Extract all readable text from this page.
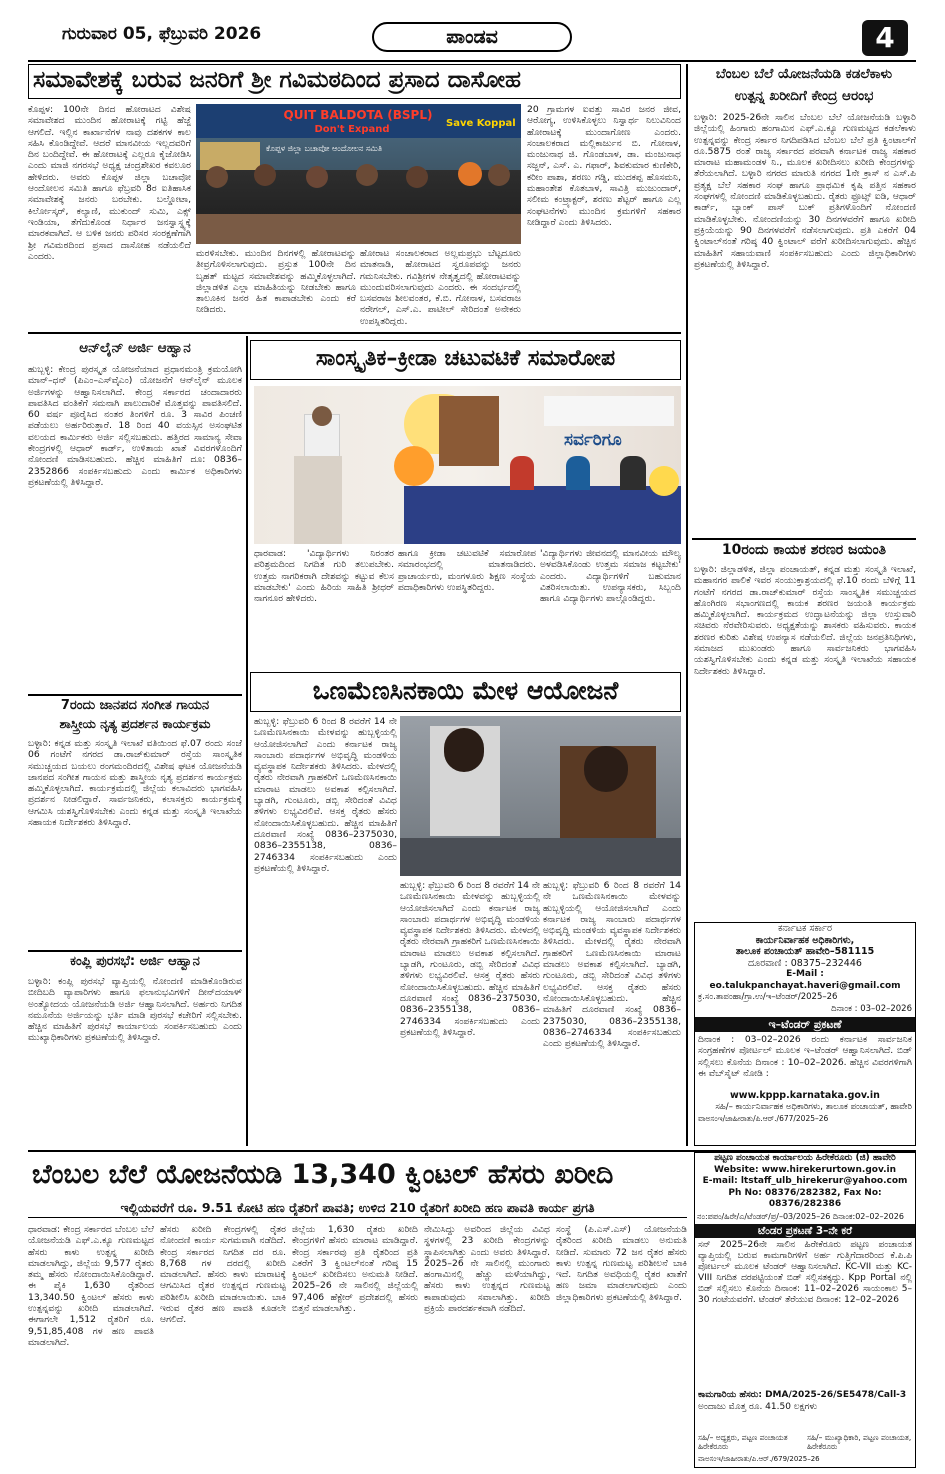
ಗುರುವಾರ 05, ಫೆಬ್ರುವರಿ 2026	ಪಾಂಡವ	4
ಸಮಾವೇಶಕ್ಕೆ ಬರುವ ಜನರಿಗೆ ಶ್ರೀ ಗವಿಮಠದಿಂದ ಪ್ರಸಾದ ದಾಸೋಹ
ಕೊಪ್ಪಳ: 100ನೇ ದಿನದ ಹೋರಾಟದ ವಿಶೇಷ ಸಮಾವೇಶದ ಮುಂದಿನ ಹೋರಾಟಕ್ಕೆ ಗಟ್ಟಿ ಹೆಜ್ಜೆ ಆಗಲಿದೆ. ಇಲ್ಲಿನ ಕಾರ್ಖಾನೆಗಳ ನಾವು ದಶಕಗಳ ಕಾಲ ಸಹಿಸಿ ಕೊಂಡಿದ್ದೇವೆ. ಆದರೆ ಮಾನವೀಯ ಇಲ್ಲದವರಿಗೆ ದಿನ ಬಂದಿದ್ದೇವೆ. ಈ ಹೋರಾಟಕ್ಕೆ ಎಲ್ಲರೂ ಕೈಜೋಡಿಸಿ ಎಂದು ಮಾಜಿ ನಗರಸಭೆ ಅಧ್ಯಕ್ಷ ಚಂದ್ರಶೇಖರ ಕವಲೂರ ಹೇಳಿದರು. ಅವರು ಕೊಪ್ಪಳ ಜಿಲ್ಲಾ ಬಚಾವೋ ಆಂದೋಲನ ಸಮಿತಿ ಹಾಗೂ ಫೆಬ್ರವರಿ 8ರ ಐತಿಹಾಸಿಕ ಸಮಾವೇಶಕ್ಕೆ ಜನರು ಬರಬೇಕು. ಬಲ್ಡೋಟಾ, ಕಿರ್ಲೋಸ್ಕರ್, ಕಲ್ಯಾಣಿ, ಮುಕುಂದ್ ಸುಮಿ, ಎಕ್ಸ್ ಇಂಡಿಯಾ, ತೆಗೆದುಕೊಂಡ ನಿರ್ಧಾರ ಜನಸ್ವಾಸ್ಥ್ಯಕ್ಕೆ ಮಾರಕವಾಗಿದೆ. ಆ ಬಳಿಕ ಜನರು ಪರಿಸರ ಸಂರಕ್ಷಣೆಗಾಗಿ ಶ್ರೀ ಗವಿಮಠದಿಂದ ಪ್ರಸಾದ ದಾಸೋಹ ನಡೆಯಲಿದೆ ಎಂದರು.
QUIT BALDOTA (BSPL)
Don't Expand
Save Koppal
ಕೊಪ್ಪಳ ಜಿಲ್ಲಾ ಬಚಾವೋ ಆಂದೋಲನ ಸಮಿತಿ
ಮರಳಿಸಬೇಕು. ಮುಂದಿನ ದಿನಗಳಲ್ಲಿ ಹೋರಾಟವನ್ನು ತೀವ್ರಗೊಳಿಸಲಾಗುವುದು. ಪ್ರಸ್ತುತ 100ನೇ ದಿನ ಬೃಹತ್ ಮಟ್ಟದ ಸಮಾವೇಶವನ್ನು ಹಮ್ಮಿಕೊಳ್ಳಲಾಗಿದೆ. ಜಿಲ್ಲಾಡಳಿತ ಎಲ್ಲಾ ಮಾಹಿತಿಯನ್ನು ನೀಡಬೇಕು ಹಾಗೂ ತಾಲೂಕಿನ ಜನರ ಹಿತ ಕಾಪಾಡಬೇಕು ಎಂದು ಕರೆ ನೀಡಿದರು.
ಹೋರಾಟ ಸಂಚಾಲಕರಾದ ಅಲ್ಲಮಪ್ರಭು ಬೆಟ್ಟದೂರು ಮಾತನಾಡಿ, ಹೋರಾಟದ ಸ್ವರೂಪವನ್ನು ಜನರು ಗಮನಿಸಬೇಕು. ಗವಿಶ್ರೀಗಳ ನೇತೃತ್ವದಲ್ಲಿ ಹೋರಾಟವನ್ನು ಮುಂದುವರಿಸಲಾಗುವುದು ಎಂದರು. ಈ ಸಂದರ್ಭದಲ್ಲಿ ಬಸವರಾಜ ಶೀಲವಂತರ, ಕೆ.ಬಿ. ಗೋನಾಳ, ಬಸವರಾಜ ನರೇಗಲ್, ಎಸ್.ಎ. ಪಾಟೀಲ್ ಸೇರಿದಂತೆ ಅನೇಕರು ಉಪಸ್ಥಿತರಿದ್ದರು.
20 ಗ್ರಾಮಗಳ ಐವತ್ತು ಸಾವಿರ ಜನರ ಜೀವ, ಆರೋಗ್ಯ, ಉಳಿಸಿಕೊಳ್ಳಲು ನಿಸ್ವಾರ್ಥ ನಿಲುವಿನಿಂದ ಹೋರಾಟಕ್ಕೆ ಮುಂದಾಗೋಣ ಎಂದರು. ಸಂಚಾಲಕರಾದ ಮಲ್ಲಿಕಾರ್ಜುನ ಬಿ. ಗೋನಾಳ, ಮಂಜುನಾಥ ಜಿ. ಗೊಂಡಬಾಳ, ಡಾ. ಮಂಜುನಾಥ ಸಜ್ಜನ್, ಎಸ್. ಎ. ಗಫಾರ್, ಶಿವಕುಮಾರ ಕುಣಿಕೇರಿ, ಕರೀಂ ಪಾಶಾ, ಶರಣು ಗಡ್ಡಿ, ಮುದಕಪ್ಪ ಹೊಸಮನಿ, ಮಹಾಂತೇಶ ಕೊತಬಾಳ, ಸಾವಿತ್ರಿ ಮುಜುಂದಾರ್, ಸಲೀಮ ಕಂಟ್ರ್ಯಾಕ್ಟರ್, ಶರಣು ಶೆಟ್ಟರ್ ಹಾಗೂ ಎಲ್ಲ ಸಂಘಟನೆಗಳು ಮುಂದಿನ ಕ್ರಮಗಳಿಗೆ ಸಹಕಾರ ನೀಡಿದ್ದಾರೆ ಎಂದು ತಿಳಿಸಿದರು.
ಬೆಂಬಲ ಬೆಲೆ ಯೋಜನೆಯಡಿ ಕಡಲೆಕಾಳು
ಉತ್ಪನ್ನ ಖರೀದಿಗೆ ಕೇಂದ್ರ ಆರಂಭ
ಬಳ್ಳಾರಿ: 2025-26ನೇ ಸಾಲಿನ ಬೆಂಬಲ ಬೆಲೆ ಯೋಜನೆಯಡಿ ಬಳ್ಳಾರಿ ಜಿಲ್ಲೆಯಲ್ಲಿ ಹಿಂಗಾರು ಹಂಗಾಮಿನ ಎಫ್.ಎ.ಕ್ಯೂ ಗುಣಮಟ್ಟದ ಕಡಲೆಕಾಳು ಉತ್ಪನ್ನವನ್ನು ಕೇಂದ್ರ ಸರ್ಕಾರ ನಿಗದಿಪಡಿಸಿದ ಬೆಂಬಲ ಬೆಲೆ ಪ್ರತಿ ಕ್ವಿಂಟಾಲ್‌ಗೆ ರೂ.5875 ರಂತೆ ರಾಜ್ಯ ಸರ್ಕಾರದ ಪರವಾಗಿ ಕರ್ನಾಟಕ ರಾಜ್ಯ ಸಹಕಾರ ಮಾರಾಟ ಮಹಾಮಂಡಳ ನಿ., ಮೂಲಕ ಖರೀದಿಸಲು ಖರೀದಿ ಕೇಂದ್ರಗಳನ್ನು ತೆರೆಯಲಾಗಿದೆ. ಬಳ್ಳಾರಿ ನಗರದ ಮಾರುತಿ ನಗರದ 1ನೇ ಕ್ರಾಸ್ ನ ಎಸ್.ಪಿ ಪ್ರತ್ಯಕ್ಷ ಬೆಲೆ ಸಹಕಾರ ಸಂಘ ಹಾಗೂ ಪ್ರಾಥಮಿಕ ಕೃಷಿ ಪತ್ತಿನ ಸಹಕಾರ ಸಂಘಗಳಲ್ಲಿ ನೋಂದಣಿ ಮಾಡಿಕೊಳ್ಳಬಹುದು. ರೈತರು ಫ್ರೂಟ್ಸ್ ಐಡಿ, ಆಧಾರ್ ಕಾರ್ಡ್, ಬ್ಯಾಂಕ್ ಪಾಸ್ ಬುಕ್ ಪ್ರತಿಗಳೊಂದಿಗೆ ನೋಂದಣಿ ಮಾಡಿಕೊಳ್ಳಬೇಕು. ನೋಂದಣಿಯನ್ನು 30 ದಿನಗಳವರೆಗೆ ಹಾಗೂ ಖರೀದಿ ಪ್ರಕ್ರಿಯೆಯನ್ನು 90 ದಿನಗಳವರೆಗೆ ನಡೆಸಲಾಗುವುದು. ಪ್ರತಿ ಎಕರೆಗೆ 04 ಕ್ವಿಂಟಾಲ್‌ನಂತೆ ಗರಿಷ್ಠ 40 ಕ್ವಿಂಟಾಲ್ ವರೆಗೆ ಖರೀದಿಸಲಾಗುವುದು. ಹೆಚ್ಚಿನ ಮಾಹಿತಿಗೆ ಸಹಾಯವಾಣಿ ಸಂಪರ್ಕಿಸಬಹುದು ಎಂದು ಜಿಲ್ಲಾಧಿಕಾರಿಗಳು ಪ್ರಕಟಣೆಯಲ್ಲಿ ತಿಳಿಸಿದ್ದಾರೆ.
10ರಂದು ಕಾಯಕ ಶರಣರ ಜಯಂತಿ
ಬಳ್ಳಾರಿ: ಜಿಲ್ಲಾಡಳಿತ, ಜಿಲ್ಲಾ ಪಂಚಾಯತ್, ಕನ್ನಡ ಮತ್ತು ಸಂಸ್ಕೃತಿ ಇಲಾಖೆ, ಮಹಾನಗರ ಪಾಲಿಕೆ ಇವರ ಸಂಯುಕ್ತಾಶ್ರಯದಲ್ಲಿ ಫೆ.10 ರಂದು ಬೆಳಿಗ್ಗೆ 11 ಗಂಟೆಗೆ ನಗರದ ಡಾ.ರಾಜ್‌ಕುಮಾರ್ ರಸ್ತೆಯ ಸಾಂಸ್ಕೃತಿಕ ಸಮುಚ್ಚಯದ ಹೊಂಗಿರಣ ಸಭಾಂಗಣದಲ್ಲಿ ಕಾಯಕ ಶರಣರ ಜಯಂತಿ ಕಾರ್ಯಕ್ರಮ ಹಮ್ಮಿಕೊಳ್ಳಲಾಗಿದೆ. ಕಾರ್ಯಕ್ರಮದ ಉದ್ಘಾಟನೆಯನ್ನು ಜಿಲ್ಲಾ ಉಸ್ತುವಾರಿ ಸಚಿವರು ನೆರವೇರಿಸುವರು. ಅಧ್ಯಕ್ಷತೆಯನ್ನು ಶಾಸಕರು ವಹಿಸುವರು. ಕಾಯಕ ಶರಣರ ಕುರಿತು ವಿಶೇಷ ಉಪನ್ಯಾಸ ನಡೆಯಲಿದೆ. ಜಿಲ್ಲೆಯ ಜನಪ್ರತಿನಿಧಿಗಳು, ಸಮಾಜದ ಮುಖಂಡರು ಹಾಗೂ ಸಾರ್ವಜನಿಕರು ಭಾಗವಹಿಸಿ ಯಶಸ್ವಿಗೊಳಿಸಬೇಕು ಎಂದು ಕನ್ನಡ ಮತ್ತು ಸಂಸ್ಕೃತಿ ಇಲಾಖೆಯ ಸಹಾಯಕ ನಿರ್ದೇಶಕರು ತಿಳಿಸಿದ್ದಾರೆ.
ಕರ್ನಾಟಕ ಸರ್ಕಾರ
ಕಾರ್ಯನಿರ್ವಾಹಕ ಅಧಿಕಾರಿಗಳು,
ತಾಲೂಕ ಪಂಚಾಯತ್ ಹಾವೇರಿ–581115
ದೂರವಾಣಿ : 08375–232446
E-Mail : eo.talukpanchayat.haveri@gmail.com
ಕ್ರ.ಸಂ.ತಾಪಂಹಾ/ಗ್ರಾ.ಉ/ಇ–ಟೆಂಡರ್/2025–26
ದಿನಾಂಕ : 03–02–2026
ಇ–ಟೆಂಡರ್ ಪ್ರಕಟಣೆ
ದಿನಾಂಕ : 03–02–2026 ರಂದು ಕರ್ನಾಟಕ ಸಾರ್ವಜನಿಕ ಸಂಗ್ರಹಣೆಗಳ ಪೋರ್ಟಲ್ ಮೂಲಕ ಇ–ಟೆಂಡರ್ ಆಹ್ವಾನಿಸಲಾಗಿದೆ. ಬಿಡ್ ಸಲ್ಲಿಸಲು ಕೊನೆಯ ದಿನಾಂಕ : 10–02–2026. ಹೆಚ್ಚಿನ ವಿವರಗಳಿಗಾಗಿ ಈ ವೆಬ್‌ಸೈಟ್ ನೋಡಿ :
www.kppp.karnataka.gov.in
ಸಹಿ/– ಕಾರ್ಯನಿರ್ವಾಹಕ ಅಧಿಕಾರಿಗಳು, ತಾಲೂಕ ಪಂಚಾಯತ್, ಹಾವೇರಿ
ವಾಅಸಂಇ/ಜಾಹೀರಾತು/ಪಿ.ಆರ್./677/2025–26
ಆನ್‌ಲೈನ್ ಅರ್ಜಿ ಆಹ್ವಾನ
ಹುಬ್ಬಳ್ಳಿ: ಕೇಂದ್ರ ಪುರಸ್ಕೃತ ಯೋಜನೆಯಾದ ಪ್ರಧಾನಮಂತ್ರಿ ಕ್ರಮಯೋಗಿ ಮಾನ್‌–ಧನ್ (ಪಿಎಂ–ಎಸ್‌ವೈಎಂ) ಯೋಜನೆಗೆ ಆನ್‌ಲೈನ್ ಮೂಲಕ ಅರ್ಜಿಗಳನ್ನು ಆಹ್ವಾನಿಸಲಾಗಿದೆ. ಕೇಂದ್ರ ಸರ್ಕಾರದ ಚಂದಾದಾರರು ಪಾವತಿಸಿದ ವಂತಿಕೆಗೆ ಸಮನಾಗಿ ಪಾಲುದಾರಿಕೆ ಮೊತ್ತವನ್ನು ಪಾವತಿಸಲಿದೆ. 60 ವರ್ಷ ಪೂರೈಸಿದ ನಂತರ ತಿಂಗಳಿಗೆ ರೂ. 3 ಸಾವಿರ ಪಿಂಚಣಿ ಪಡೆಯಲು ಅರ್ಹರಿರುತ್ತಾರೆ. 18 ರಿಂದ 40 ವಯಸ್ಸಿನ ಅಸಂಘಟಿತ ವಲಯದ ಕಾರ್ಮಿಕರು ಅರ್ಜಿ ಸಲ್ಲಿಸಬಹುದು. ಹತ್ತಿರದ ಸಾಮಾನ್ಯ ಸೇವಾ ಕೇಂದ್ರಗಳಲ್ಲಿ ಆಧಾರ್ ಕಾರ್ಡ್, ಉಳಿತಾಯ ಖಾತೆ ವಿವರಗಳೊಂದಿಗೆ ನೋಂದಣಿ ಮಾಡಿಸಬಹುದು. ಹೆಚ್ಚಿನ ಮಾಹಿತಿಗೆ ದೂ: 0836–2352866 ಸಂಪರ್ಕಿಸಬಹುದು ಎಂದು ಕಾರ್ಮಿಕ ಅಧಿಕಾರಿಗಳು ಪ್ರಕಟಣೆಯಲ್ಲಿ ತಿಳಿಸಿದ್ದಾರೆ.
7ರಂದು ಜಾನಪದ ಸಂಗೀತ ಗಾಯನ
ಶಾಸ್ತ್ರೀಯ ನೃತ್ಯ ಪ್ರದರ್ಶನ ಕಾರ್ಯಕ್ರಮ
ಬಳ್ಳಾರಿ: ಕನ್ನಡ ಮತ್ತು ಸಂಸ್ಕೃತಿ ಇಲಾಖೆ ವತಿಯಿಂದ ಫೆ.07 ರಂದು ಸಂಜೆ 06 ಗಂಟೆಗೆ ನಗರದ ಡಾ.ರಾಜ್‌ಕುಮಾರ್ ರಸ್ತೆಯ ಸಾಂಸ್ಕೃತಿಕ ಸಮುಚ್ಚಯದ ಬಯಲು ರಂಗಮಂದಿರದಲ್ಲಿ ವಿಶೇಷ ಘಟಕ ಯೋಜನೆಯಡಿ ಜಾನಪದ ಸಂಗೀತ ಗಾಯನ ಮತ್ತು ಶಾಸ್ತ್ರೀಯ ನೃತ್ಯ ಪ್ರದರ್ಶನ ಕಾರ್ಯಕ್ರಮ ಹಮ್ಮಿಕೊಳ್ಳಲಾಗಿದೆ. ಕಾರ್ಯಕ್ರಮದಲ್ಲಿ ಜಿಲ್ಲೆಯ ಕಲಾವಿದರು ಭಾಗವಹಿಸಿ ಪ್ರದರ್ಶನ ನೀಡಲಿದ್ದಾರೆ. ಸಾರ್ವಜನಿಕರು, ಕಲಾಸಕ್ತರು ಕಾರ್ಯಕ್ರಮಕ್ಕೆ ಆಗಮಿಸಿ ಯಶಸ್ವಿಗೊಳಿಸಬೇಕು ಎಂದು ಕನ್ನಡ ಮತ್ತು ಸಂಸ್ಕೃತಿ ಇಲಾಖೆಯ ಸಹಾಯಕ ನಿರ್ದೇಶಕರು ತಿಳಿಸಿದ್ದಾರೆ.
ಕಂಪ್ಲಿ ಪುರಸಭೆ: ಅರ್ಜಿ ಆಹ್ವಾನ
ಬಳ್ಳಾರಿ: ಕಂಪ್ಲಿ ಪುರಸಭೆ ವ್ಯಾಪ್ತಿಯಲ್ಲಿ ನೋಂದಣಿ ಮಾಡಿಕೊಂಡಿರುವ ಬೀದಿಬದಿ ವ್ಯಾಪಾರಿಗಳು ಹಾಗೂ ಫಲಾನುಭವಿಗಳಿಗೆ ದೀನ್‌ದಯಾಳ್ ಅಂತ್ಯೋದಯ ಯೋಜನೆಯಡಿ ಅರ್ಜಿ ಆಹ್ವಾನಿಸಲಾಗಿದೆ. ಅರ್ಹರು ನಿಗದಿತ ನಮೂನೆಯ ಅರ್ಜಿಯನ್ನು ಭರ್ತಿ ಮಾಡಿ ಪುರಸಭೆ ಕಚೇರಿಗೆ ಸಲ್ಲಿಸಬೇಕು. ಹೆಚ್ಚಿನ ಮಾಹಿತಿಗೆ ಪುರಸಭೆ ಕಾರ್ಯಾಲಯ ಸಂಪರ್ಕಿಸಬಹುದು ಎಂದು ಮುಖ್ಯಾಧಿಕಾರಿಗಳು ಪ್ರಕಟಣೆಯಲ್ಲಿ ತಿಳಿಸಿದ್ದಾರೆ.
ಸಾಂಸ್ಕೃತಿಕ–ಕ್ರೀಡಾ ಚಟುವಟಿಕೆ ಸಮಾರೋಪ
ಸರ್ವರಿಗೂ
ಧಾರವಾಡ: 'ವಿದ್ಯಾರ್ಥಿಗಳು ನಿರಂತರ ಪರಿಶ್ರಮದಿಂದ ನಿಗದಿತ ಗುರಿ ತಲುಪಬೇಕು. ಉತ್ತಮ ನಾಗರಿಕರಾಗಿ ದೇಶವನ್ನು ಕಟ್ಟುವ ಕೆಲಸ ಮಾಡಬೇಕು' ಎಂದು ಹಿರಿಯ ಸಾಹಿತಿ ಶ್ರೀಧರ್ ನಾಗನೂರ ಹೇಳಿದರು.
ಹಾಗೂ ಕ್ರೀಡಾ ಚಟುವಟಿಕೆ ಸಮಾರೋಪ ಸಮಾರಂಭದಲ್ಲಿ ಮಾತನಾಡಿದರು. ಪ್ರಾಚಾರ್ಯರು, ಮಂಗಳೂರು ಶಿಕ್ಷಣ ಸಂಸ್ಥೆಯ ಪದಾಧಿಕಾರಿಗಳು ಉಪಸ್ಥಿತರಿದ್ದರು.
'ವಿದ್ಯಾರ್ಥಿಗಳು ಜೀವನದಲ್ಲಿ ಮಾನವೀಯ ಮೌಲ್ಯ ಅಳವಡಿಸಿಕೊಂಡು ಉತ್ತಮ ಸಮಾಜ ಕಟ್ಟಬೇಕು' ಎಂದರು. ವಿದ್ಯಾರ್ಥಿಗಳಿಗೆ ಬಹುಮಾನ ವಿತರಿಸಲಾಯಿತು. ಉಪನ್ಯಾಸಕರು, ಸಿಬ್ಬಂದಿ ಹಾಗೂ ವಿದ್ಯಾರ್ಥಿಗಳು ಪಾಲ್ಗೊಂಡಿದ್ದರು.
ಒಣಮೆಣಸಿನಕಾಯಿ ಮೇಳ ಆಯೋಜನೆ
ಹುಬ್ಬಳ್ಳಿ: ಫೆಬ್ರುವರಿ 6 ರಿಂದ 8 ರವರೆಗೆ 14 ನೇ ಒಣಮೆಣಸಿನಕಾಯಿ ಮೇಳವನ್ನು ಹುಬ್ಬಳ್ಳಿಯಲ್ಲಿ ಆಯೋಜಿಸಲಾಗಿದೆ ಎಂದು ಕರ್ನಾಟಕ ರಾಜ್ಯ ಸಾಂಬಾರು ಪದಾರ್ಥಗಳ ಅಭಿವೃದ್ಧಿ ಮಂಡಳಿಯ ವ್ಯವಸ್ಥಾಪಕ ನಿರ್ದೇಶಕರು ತಿಳಿಸಿದರು. ಮೇಳದಲ್ಲಿ ರೈತರು ನೇರವಾಗಿ ಗ್ರಾಹಕರಿಗೆ ಒಣಮೆಣಸಿನಕಾಯಿ ಮಾರಾಟ ಮಾಡಲು ಅವಕಾಶ ಕಲ್ಪಿಸಲಾಗಿದೆ. ಬ್ಯಾಡಗಿ, ಗುಂಟೂರು, ಡಬ್ಬಿ ಸೇರಿದಂತೆ ವಿವಿಧ ತಳಿಗಳು ಲಭ್ಯವಿರಲಿವೆ. ಆಸಕ್ತ ರೈತರು ಹೆಸರು ನೋಂದಾಯಿಸಿಕೊಳ್ಳಬಹುದು. ಹೆಚ್ಚಿನ ಮಾಹಿತಿಗೆ ದೂರವಾಣಿ ಸಂಖ್ಯೆ 0836–2375030, 0836–2355138, 0836–2746334 ಸಂಪರ್ಕಿಸಬಹುದು ಎಂದು ಪ್ರಕಟಣೆಯಲ್ಲಿ ತಿಳಿಸಿದ್ದಾರೆ.
ಹುಬ್ಬಳ್ಳಿ: ಫೆಬ್ರುವರಿ 6 ರಿಂದ 8 ರವರೆಗೆ 14 ನೇ ಒಣಮೆಣಸಿನಕಾಯಿ ಮೇಳವನ್ನು ಹುಬ್ಬಳ್ಳಿಯಲ್ಲಿ ಆಯೋಜಿಸಲಾಗಿದೆ ಎಂದು ಕರ್ನಾಟಕ ರಾಜ್ಯ ಸಾಂಬಾರು ಪದಾರ್ಥಗಳ ಅಭಿವೃದ್ಧಿ ಮಂಡಳಿಯ ವ್ಯವಸ್ಥಾಪಕ ನಿರ್ದೇಶಕರು ತಿಳಿಸಿದರು. ಮೇಳದಲ್ಲಿ ರೈತರು ನೇರವಾಗಿ ಗ್ರಾಹಕರಿಗೆ ಒಣಮೆಣಸಿನಕಾಯಿ ಮಾರಾಟ ಮಾಡಲು ಅವಕಾಶ ಕಲ್ಪಿಸಲಾಗಿದೆ. ಬ್ಯಾಡಗಿ, ಗುಂಟೂರು, ಡಬ್ಬಿ ಸೇರಿದಂತೆ ವಿವಿಧ ತಳಿಗಳು ಲಭ್ಯವಿರಲಿವೆ. ಆಸಕ್ತ ರೈತರು ಹೆಸರು ನೋಂದಾಯಿಸಿಕೊಳ್ಳಬಹುದು. ಹೆಚ್ಚಿನ ಮಾಹಿತಿಗೆ ದೂರವಾಣಿ ಸಂಖ್ಯೆ 0836–2375030, 0836–2355138, 0836–2746334 ಸಂಪರ್ಕಿಸಬಹುದು ಎಂದು ಪ್ರಕಟಣೆಯಲ್ಲಿ ತಿಳಿಸಿದ್ದಾರೆ.
ಹುಬ್ಬಳ್ಳಿ: ಫೆಬ್ರುವರಿ 6 ರಿಂದ 8 ರವರೆಗೆ 14 ನೇ ಒಣಮೆಣಸಿನಕಾಯಿ ಮೇಳವನ್ನು ಹುಬ್ಬಳ್ಳಿಯಲ್ಲಿ ಆಯೋಜಿಸಲಾಗಿದೆ ಎಂದು ಕರ್ನಾಟಕ ರಾಜ್ಯ ಸಾಂಬಾರು ಪದಾರ್ಥಗಳ ಅಭಿವೃದ್ಧಿ ಮಂಡಳಿಯ ವ್ಯವಸ್ಥಾಪಕ ನಿರ್ದೇಶಕರು ತಿಳಿಸಿದರು. ಮೇಳದಲ್ಲಿ ರೈತರು ನೇರವಾಗಿ ಗ್ರಾಹಕರಿಗೆ ಒಣಮೆಣಸಿನಕಾಯಿ ಮಾರಾಟ ಮಾಡಲು ಅವಕಾಶ ಕಲ್ಪಿಸಲಾಗಿದೆ. ಬ್ಯಾಡಗಿ, ಗುಂಟೂರು, ಡಬ್ಬಿ ಸೇರಿದಂತೆ ವಿವಿಧ ತಳಿಗಳು ಲಭ್ಯವಿರಲಿವೆ. ಆಸಕ್ತ ರೈತರು ಹೆಸರು ನೋಂದಾಯಿಸಿಕೊಳ್ಳಬಹುದು. ಹೆಚ್ಚಿನ ಮಾಹಿತಿಗೆ ದೂರವಾಣಿ ಸಂಖ್ಯೆ 0836–2375030, 0836–2355138, 0836–2746334 ಸಂಪರ್ಕಿಸಬಹುದು ಎಂದು ಪ್ರಕಟಣೆಯಲ್ಲಿ ತಿಳಿಸಿದ್ದಾರೆ.
ಬೆಂಬಲ ಬೆಲೆ ಯೋಜನೆಯಡಿ 13,340 ಕ್ವಿಂಟಲ್ ಹೆಸರು ಖರೀದಿ
ಇಲ್ಲಿಯವರೆಗೆ ರೂ. 9.51 ಕೋಟಿ ಹಣ ರೈತರಿಗೆ ಪಾವತಿ; ಉಳಿದ 210 ರೈತರಿಗೆ ಖರೀದಿ ಹಣ ಪಾವತಿ ಕಾರ್ಯ ಪ್ರಗತಿ
ಧಾರವಾಡ: ಕೇಂದ್ರ ಸರ್ಕಾರದ ಬೆಂಬಲ ಬೆಲೆ ಯೋಜನೆಯಡಿ ಎಫ್.ಎ.ಕ್ಯೂ ಗುಣಮಟ್ಟದ ಹೆಸರು ಕಾಳು ಉತ್ಪನ್ನ ಖರೀದಿ ಮಾಡಲಾಗಿದ್ದು, ಜಿಲ್ಲೆಯ 9,577 ರೈತರು ತಮ್ಮ ಹೆಸರು ನೋಂದಾಯಿಸಿಕೊಂಡಿದ್ದಾರೆ. ಈ ಪೈಕಿ 1,630 ರೈತರಿಂದ 13,340.50 ಕ್ವಿಂಟಲ್ ಹೆಸರು ಕಾಳು ಉತ್ಪನ್ನವನ್ನು ಖರೀದಿ ಮಾಡಲಾಗಿದೆ. ಈಗಾಗಲೇ 1,512 ರೈತರಿಗೆ ರೂ. 9,51,85,408 ಗಳ ಹಣ ಪಾವತಿ ಮಾಡಲಾಗಿದೆ.
ಹೆಸರು ಖರೀದಿ ಕೇಂದ್ರಗಳಲ್ಲಿ ರೈತರ ನೋಂದಣಿ ಕಾರ್ಯ ಸುಗಮವಾಗಿ ನಡೆದಿದೆ. ಕೇಂದ್ರ ಸರ್ಕಾರದ ನಿಗದಿತ ದರ ರೂ. 8,768 ಗಳ ದರದಲ್ಲಿ ಖರೀದಿ ಮಾಡಲಾಗಿದೆ. ಹೆಸರು ಕಾಳು ಮಾರಾಟಕ್ಕೆ ಆಗಮಿಸಿದ ರೈತರ ಉತ್ಪನ್ನದ ಗುಣಮಟ್ಟ ಪರಿಶೀಲಿಸಿ ಖರೀದಿ ಮಾಡಲಾಯಿತು. ಬಾಕಿ ಇರುವ ರೈತರ ಹಣ ಪಾವತಿ ಕೂಡಲೇ ಆಗಲಿದೆ.
ಜಿಲ್ಲೆಯ 1,630 ರೈತರು ಖರೀದಿ ಕೇಂದ್ರಗಳಿಗೆ ಹೆಸರು ಮಾರಾಟ ಮಾಡಿದ್ದಾರೆ. ಕೇಂದ್ರ ಸರ್ಕಾರವು ಪ್ರತಿ ರೈತರಿಂದ ಪ್ರತಿ ಎಕರೆಗೆ 3 ಕ್ವಿಂಟಲ್‌ನಂತೆ ಗರಿಷ್ಠ 15 ಕ್ವಿಂಟಲ್ ಖರೀದಿಸಲು ಅನುಮತಿ ನೀಡಿದೆ. 2025–26 ನೇ ಸಾಲಿನಲ್ಲಿ ಜಿಲ್ಲೆಯಲ್ಲಿ 97,406 ಹೆಕ್ಟೇರ್ ಪ್ರದೇಶದಲ್ಲಿ ಹೆಸರು ಬಿತ್ತನೆ ಮಾಡಲಾಗಿತ್ತು.
ನೇಮಿಸಿದ್ದು ಅವರಿಂದ ಜಿಲ್ಲೆಯ ವಿವಿಧ ಸ್ಥಳಗಳಲ್ಲಿ 23 ಖರೀದಿ ಕೇಂದ್ರಗಳನ್ನು ಸ್ಥಾಪಿಸಲಾಗಿತ್ತು ಎಂದು ಅವರು ತಿಳಿಸಿದ್ದಾರೆ. 2025–26 ನೇ ಸಾಲಿನಲ್ಲಿ ಮುಂಗಾರು ಹಂಗಾಮಿನಲ್ಲಿ ಹೆಚ್ಚು ಮಳೆಯಾಗಿದ್ದು, ಹೆಸರು ಕಾಳು ಉತ್ಪನ್ನದ ಗುಣಮಟ್ಟ ಕಾಪಾಡುವುದು ಸವಾಲಾಗಿತ್ತು. ಖರೀದಿ ಪ್ರಕ್ರಿಯೆ ಪಾರದರ್ಶಕವಾಗಿ ನಡೆದಿದೆ.
ಸಂಸ್ಥೆ (ಪಿ.ಎಸ್.ಎಸ್) ಯೋಜನೆಯಡಿ ರೈತರಿಂದ ಖರೀದಿ ಮಾಡಲು ಅನುಮತಿ ನೀಡಿದೆ. ಸುಮಾರು 72 ಜನ ರೈತರ ಹೆಸರು ಕಾಳು ಉತ್ಪನ್ನ ಗುಣಮಟ್ಟ ಪರಿಶೀಲನೆ ಬಾಕಿ ಇದೆ. ನಿಗದಿತ ಅವಧಿಯಲ್ಲಿ ರೈತರ ಖಾತೆಗೆ ಹಣ ಜಮಾ ಮಾಡಲಾಗುವುದು ಎಂದು ಜಿಲ್ಲಾಧಿಕಾರಿಗಳು ಪ್ರಕಟಣೆಯಲ್ಲಿ ತಿಳಿಸಿದ್ದಾರೆ.
ಪಟ್ಟಣ ಪಂಚಾಯತ ಕಾರ್ಯಾಲಯ ಹಿರೇಕೆರೂರು (ಜಿ) ಹಾವೇರಿ
Website: www.hirekerurtown.gov.in
E-mail: ltstaff_ulb_hirekerur@yahoo.com
Ph No: 08376/282382, Fax No: 08376/282386
ನಂ:ಪಪಂ/ಹಿರೇ/ಎ/ಟೆಂಡರ್/ಪ್ರ/–03/2025–26 ದಿನಾಂಕ:02–02–2026
ಟೆಂಡರ ಪ್ರಕಟಣೆ 3–ನೇ ಕರೆ
ಸನ್ 2025–26ನೇ ಸಾಲಿನ ಹಿರೇಕೆರೂರು ಪಟ್ಟಣ ಪಂಚಾಯತ ವ್ಯಾಪ್ತಿಯಲ್ಲಿ ಬರುವ ಕಾಮಗಾರಿಗಳಿಗೆ ಅರ್ಹ ಗುತ್ತಿಗೆದಾರರಿಂದ ಕೆ.ಪಿ.ಪಿ ಪೋರ್ಟಲ್ ಮೂಲಕ ಟೆಂಡರ್ ಆಹ್ವಾನಿಸಲಾಗಿದೆ. KC-VII ಮತ್ತು KC-VIII ನಿಗದಿತ ದರಪಟ್ಟಿಯಂತೆ ಬಿಡ್ ಸಲ್ಲಿಸತಕ್ಕದ್ದು. Kpp Portal ನಲ್ಲಿ ಬಿಡ್ ಸಲ್ಲಿಸಲು ಕೊನೆಯ ದಿನಾಂಕ: 11–02–2026 ಸಾಯಂಕಾಲ 5–30 ಗಂಟೆಯವರೆಗೆ. ಟೆಂಡರ್ ತೆರೆಯುವ ದಿನಾಂಕ: 12–02–2026
ಕಾಮಗಾರಿಯ ಹೆಸರು: DMA/2025-26/SE5478/Call-3
ಅಂದಾಜು ಮೊತ್ತ ರೂ. 41.50 ಲಕ್ಷಗಳು
ಸಹಿ/– ಅಧ್ಯಕ್ಷರು, ಪಟ್ಟಣ ಪಂಚಾಯತ ಹಿರೇಕೆರೂರು
ಸಹಿ/– ಮುಖ್ಯಾಧಿಕಾರಿ, ಪಟ್ಟಣ ಪಂಚಾಯತ, ಹಿರೇಕೆರೂರು
ವಾಅಸಂಇ/ಜಾಹೀರಾತು/ಪಿ.ಆರ್./679/2025–26
